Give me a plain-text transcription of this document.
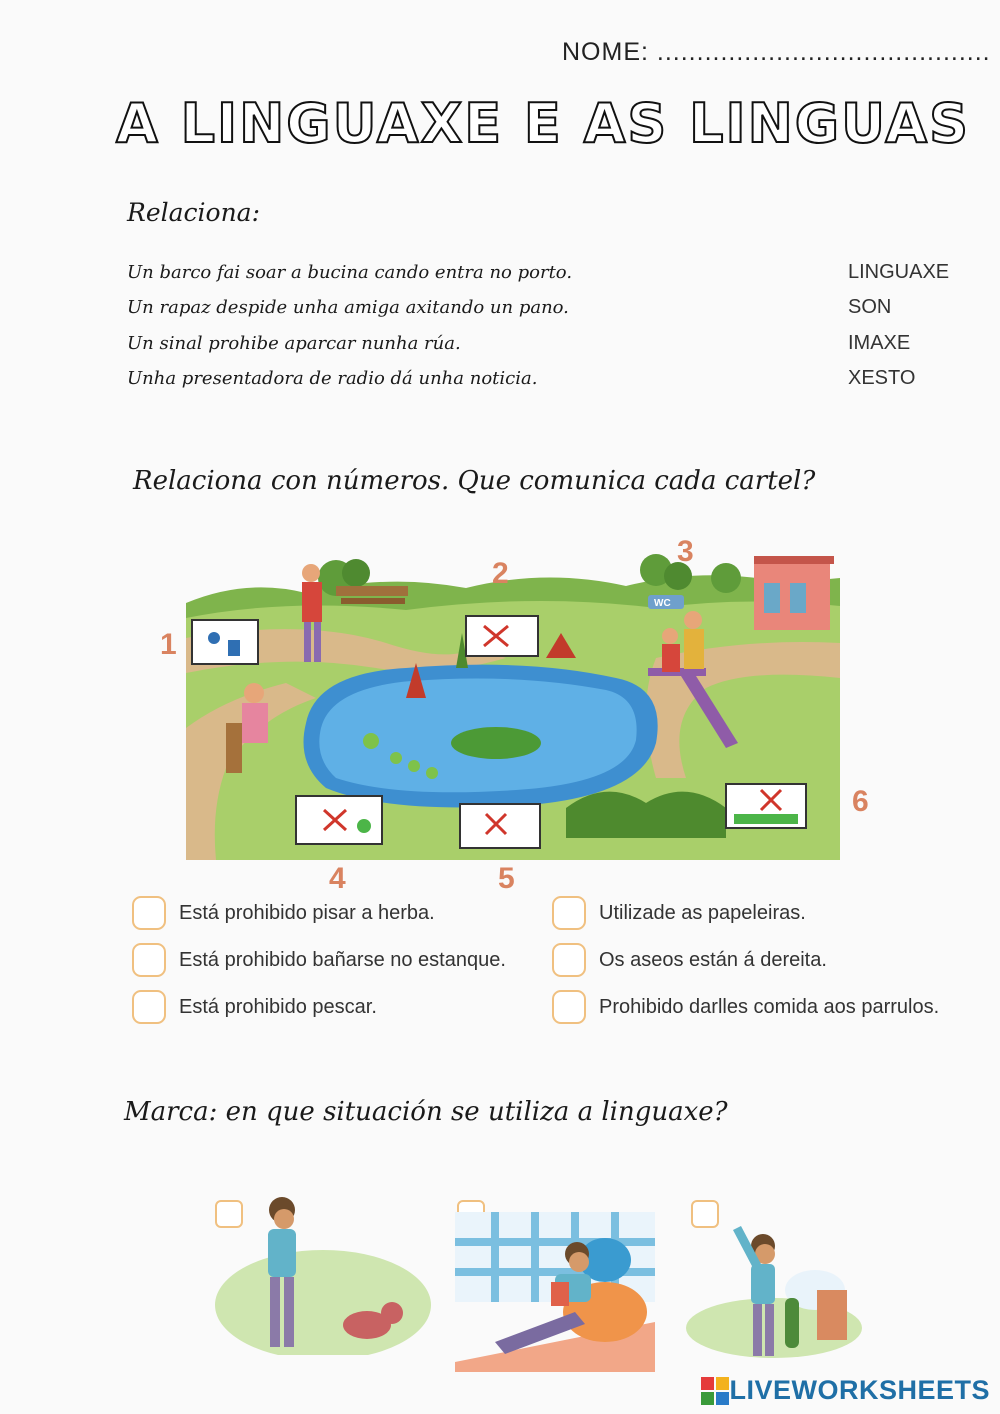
NOME: ..........................................
A LINGUAXE E AS LINGUAS
Relaciona:
Un barco fai soar a bucina cando entra no porto.
Un rapaz despide unha amiga axitando un pano.
Un sinal prohibe aparcar nunha rúa.
Unha presentadora de radio dá unha noticia.
LINGUAXE
SON
IMAXE
XESTO
Relaciona con números. Que comunica cada cartel?
WC
1
2
3
4	5
6
Está prohibido pisar a herba.
Está prohibido bañarse no estanque.
Está prohibido pescar.
Utilizade as papeleiras.
Os aseos están á dereita.
Prohibido darlles comida aos parrulos.
Marca: en que situación se utiliza a linguaxe?
LIVEWORKSHEETS
